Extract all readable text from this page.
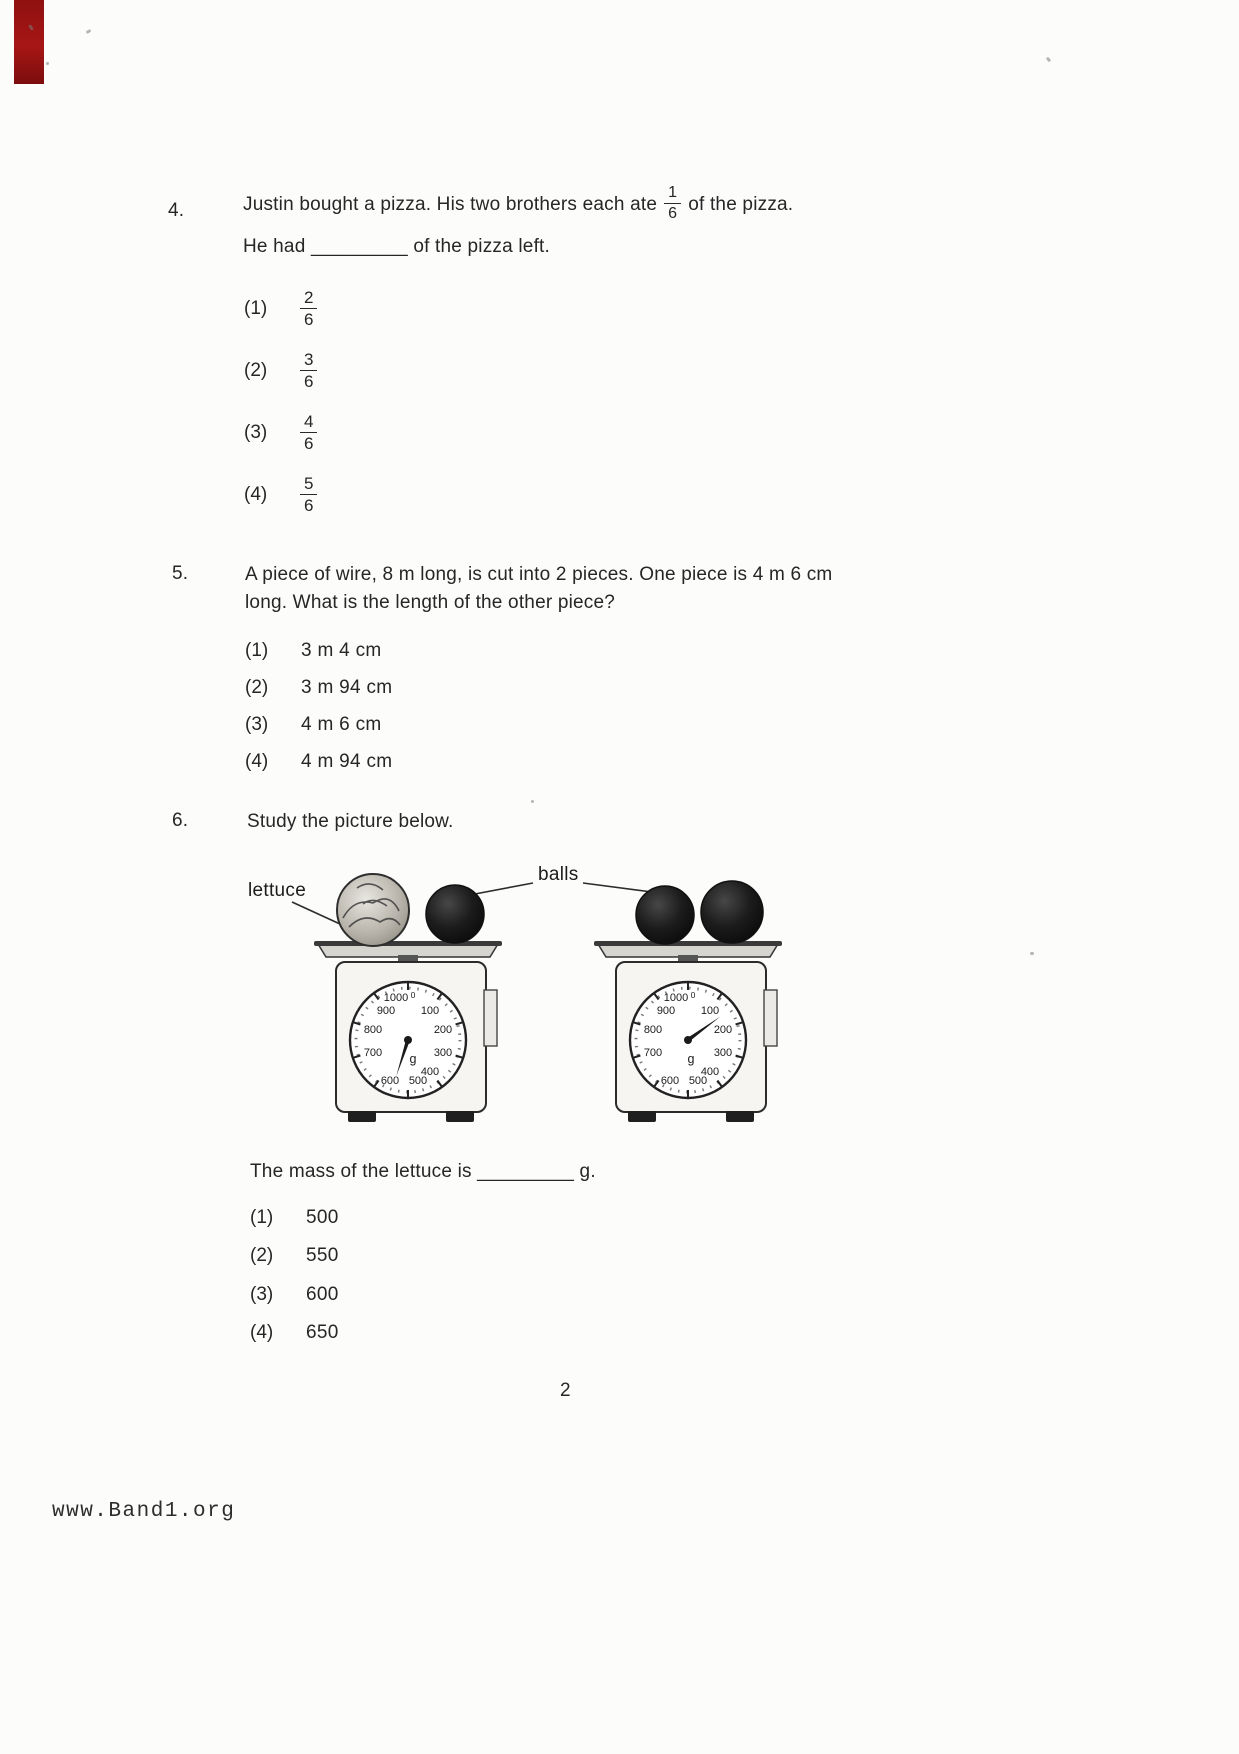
4.	Justin bought a pizza. His two brothers each ate $\frac{1}{6}$ of the pizza.
He had _________ of the pizza left.
(1)	$\frac{2}{6}$
(2)	$\frac{3}{6}$
(3)	$\frac{4}{6}$
(4)	$\frac{5}{6}$
5.	A piece of wire, 8 m long, is cut into 2 pieces. One piece is 4 m 6 cm
long. What is the length of the other piece?
(1)	3 m 4 cm
(2)	3 m 94 cm
(3)	4 m 6 cm
(4)	4 m 94 cm
6.	Study the picture below.
lettuce
balls
1000 0
100
200
300
400
500
600
700
800
900
g
1000 0
100
200
300
400
500
600
700
800
900
g
The mass of the lettuce is _________ g.
(1)	500
(2)	550
(3)	600
(4)	650
2
www.Band1.org
